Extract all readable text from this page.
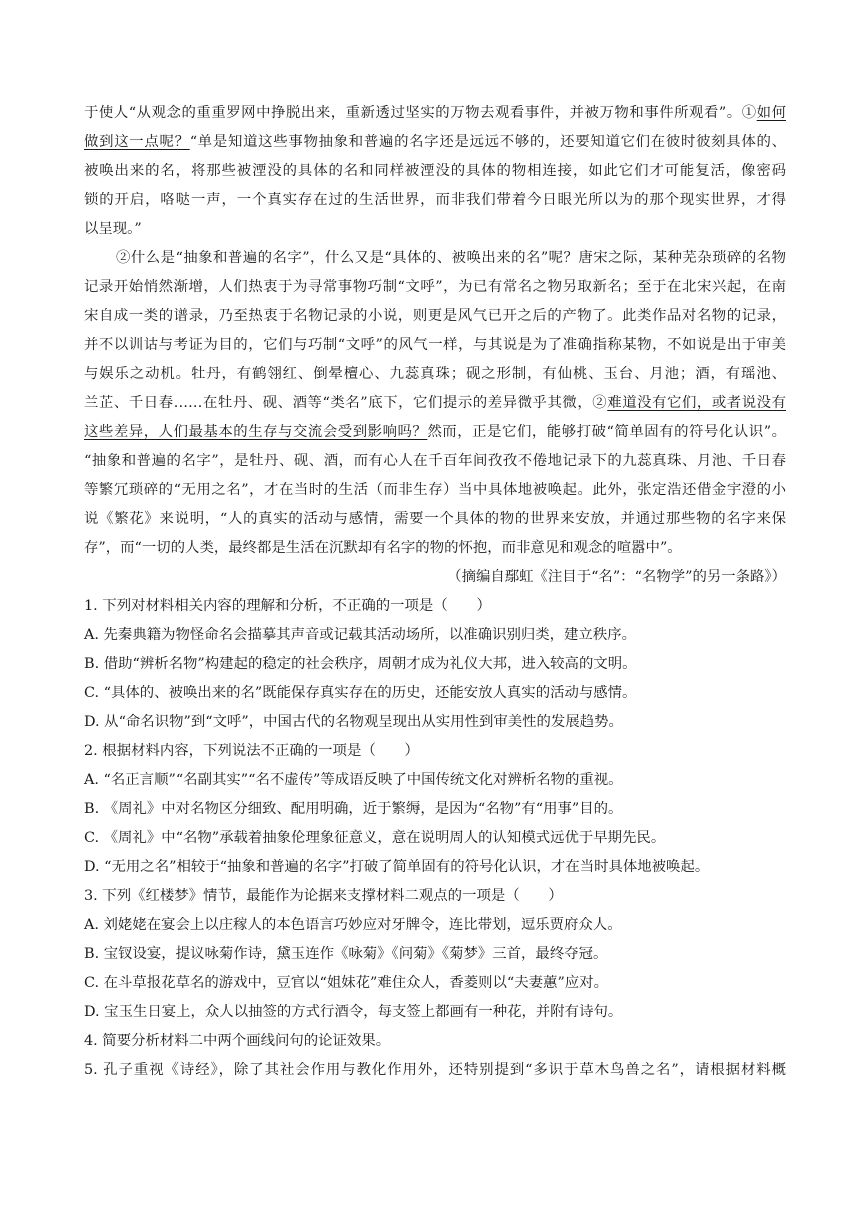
于使人“从观念的重重罗网中挣脱出来，重新透过坚实的万物去观看事件，并被万物和事件所观看”。①如何
做到这一点呢？“单是知道这些事物抽象和普遍的名字还是远远不够的，还要知道它们在彼时彼刻具体的、
被唤出来的名，将那些被湮没的具体的名和同样被湮没的具体的物相连接，如此它们才可能复活，像密码
锁的开启，咯哒一声，一个真实存在过的生活世界，而非我们带着今日眼光所以为的那个现实世界，才得
以呈现。”
②什么是“抽象和普遍的名字”，什么又是“具体的、被唤出来的名”呢？唐宋之际，某种芜杂琐碎的名物
记录开始悄然渐增，人们热衷于为寻常事物巧制“文呼”，为已有常名之物另取新名；至于在北宋兴起，在南
宋自成一类的谱录，乃至热衷于名物记录的小说，则更是风气已开之后的产物了。此类作品对名物的记录，
并不以训诂与考证为目的，它们与巧制“文呼”的风气一样，与其说是为了准确指称某物，不如说是出于审美
与娱乐之动机。牡丹，有鹤翎红、倒晕檀心、九蕊真珠；砚之形制，有仙桃、玉台、月池；酒，有瑶池、
兰芷、千日春……在牡丹、砚、酒等“类名”底下，它们提示的差异微乎其微，②难道没有它们，或者说没有
这些差异，人们最基本的生存与交流会受到影响吗？然而，正是它们，能够打破“简单固有的符号化认识”。
“抽象和普遍的名字”，是牡丹、砚、酒，而有心人在千百年间孜孜不倦地记录下的九蕊真珠、月池、千日春
等繁冗琐碎的“无用之名”，才在当时的生活（而非生存）当中具体地被唤起。此外，张定浩还借金宇澄的小
说《繁花》来说明，“人的真实的活动与感情，需要一个具体的物的世界来安放，并通过那些物的名字来保
存”，而“一切的人类，最终都是生活在沉默却有名字的物的怀抱，而非意见和观念的喧嚣中”。
（摘编自鄢虹《注目于“名”：“名物学”的另一条路》）
1. 下列对材料相关内容的理解和分析，不正确的一项是（　　）
A. 先秦典籍为物怪命名会描摹其声音或记载其活动场所，以准确识别归类，建立秩序。
B. 借助“辨析名物”构建起的稳定的社会秩序，周朝才成为礼仪大邦，进入较高的文明。
C. “具体的、被唤出来的名”既能保存真实存在的历史，还能安放人真实的活动与感情。
D. 从“命名识物”到“文呼”，中国古代的名物观呈现出从实用性到审美性的发展趋势。
2. 根据材料内容，下列说法不正确的一项是（　　）
A. “名正言顺”“名副其实”“名不虚传”等成语反映了中国传统文化对辨析名物的重视。
B. 《周礼》中对名物区分细致、配用明确，近于繁缛，是因为“名物”有“用事”目的。
C. 《周礼》中“名物”承载着抽象伦理象征意义，意在说明周人的认知模式远优于早期先民。
D. “无用之名”相较于“抽象和普遍的名字”打破了简单固有的符号化认识，才在当时具体地被唤起。
3. 下列《红楼梦》情节，最能作为论据来支撑材料二观点的一项是（　　）
A. 刘姥姥在宴会上以庄稼人的本色语言巧妙应对牙牌令，连比带划，逗乐贾府众人。
B. 宝钗设宴，提议咏菊作诗，黛玉连作《咏菊》《问菊》《菊梦》三首，最终夺冠。
C. 在斗草报花草名的游戏中，豆官以“姐妹花”难住众人，香菱则以“夫妻蕙”应对。
D. 宝玉生日宴上，众人以抽签的方式行酒令，每支签上都画有一种花，并附有诗句。
4. 简要分析材料二中两个画线问句的论证效果。
5. 孔子重视《诗经》，除了其社会作用与教化作用外，还特别提到“多识于草木鸟兽之名”，请根据材料概
